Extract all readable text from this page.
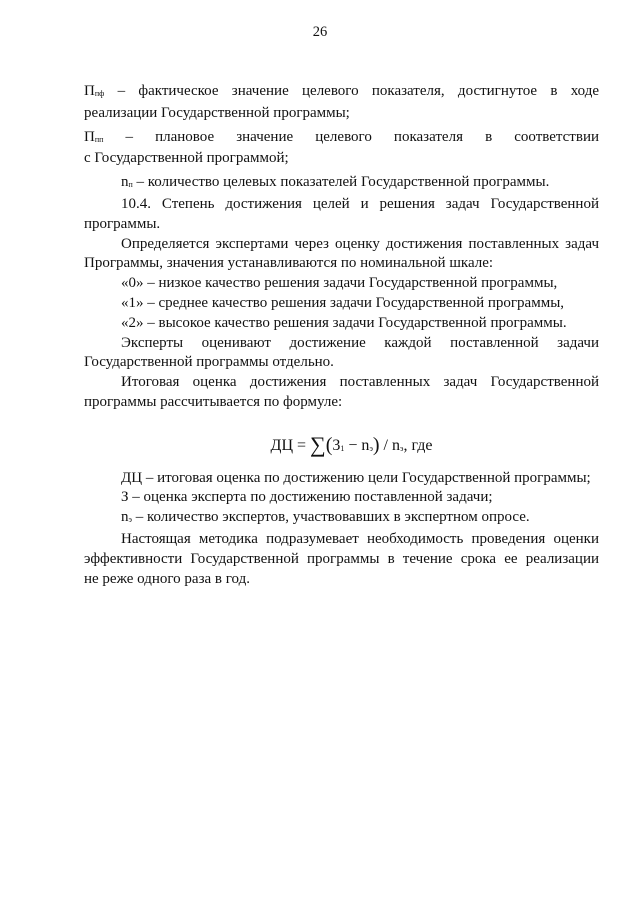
26

Ппф – фактическое значение целевого показателя, достигнутое в ходе

реализации Государственной программы;

Ппп – плановое значение целевого показателя в соответствии

с Государственной программой;

nп – количество целевых показателей Государственной программы.

10.4. Степень достижения целей и решения задач Государственной

программы.

Определяется экспертами через оценку достижения поставленных задач

Программы, значения устанавливаются по номинальной шкале:

«0» – низкое качество решения задачи Государственной программы,

«1» – среднее качество решения задачи Государственной программы,

«2» – высокое качество решения задачи Государственной программы.

Эксперты оценивают достижение каждой поставленной задачи

Государственной программы отдельно.

Итоговая оценка достижения поставленных задач Государственной

программы рассчитывается по формуле:

ДЦ = ∑(31 − nэ) / nэ, где

ДЦ – итоговая оценка по достижению цели Государственной программы;

З – оценка эксперта по достижению поставленной задачи;

nэ – количество экспертов, участвовавших в экспертном опросе.

Настоящая методика подразумевает необходимость проведения оценки

эффективности Государственной программы в течение срока ее реализации

не реже одного раза в год.
